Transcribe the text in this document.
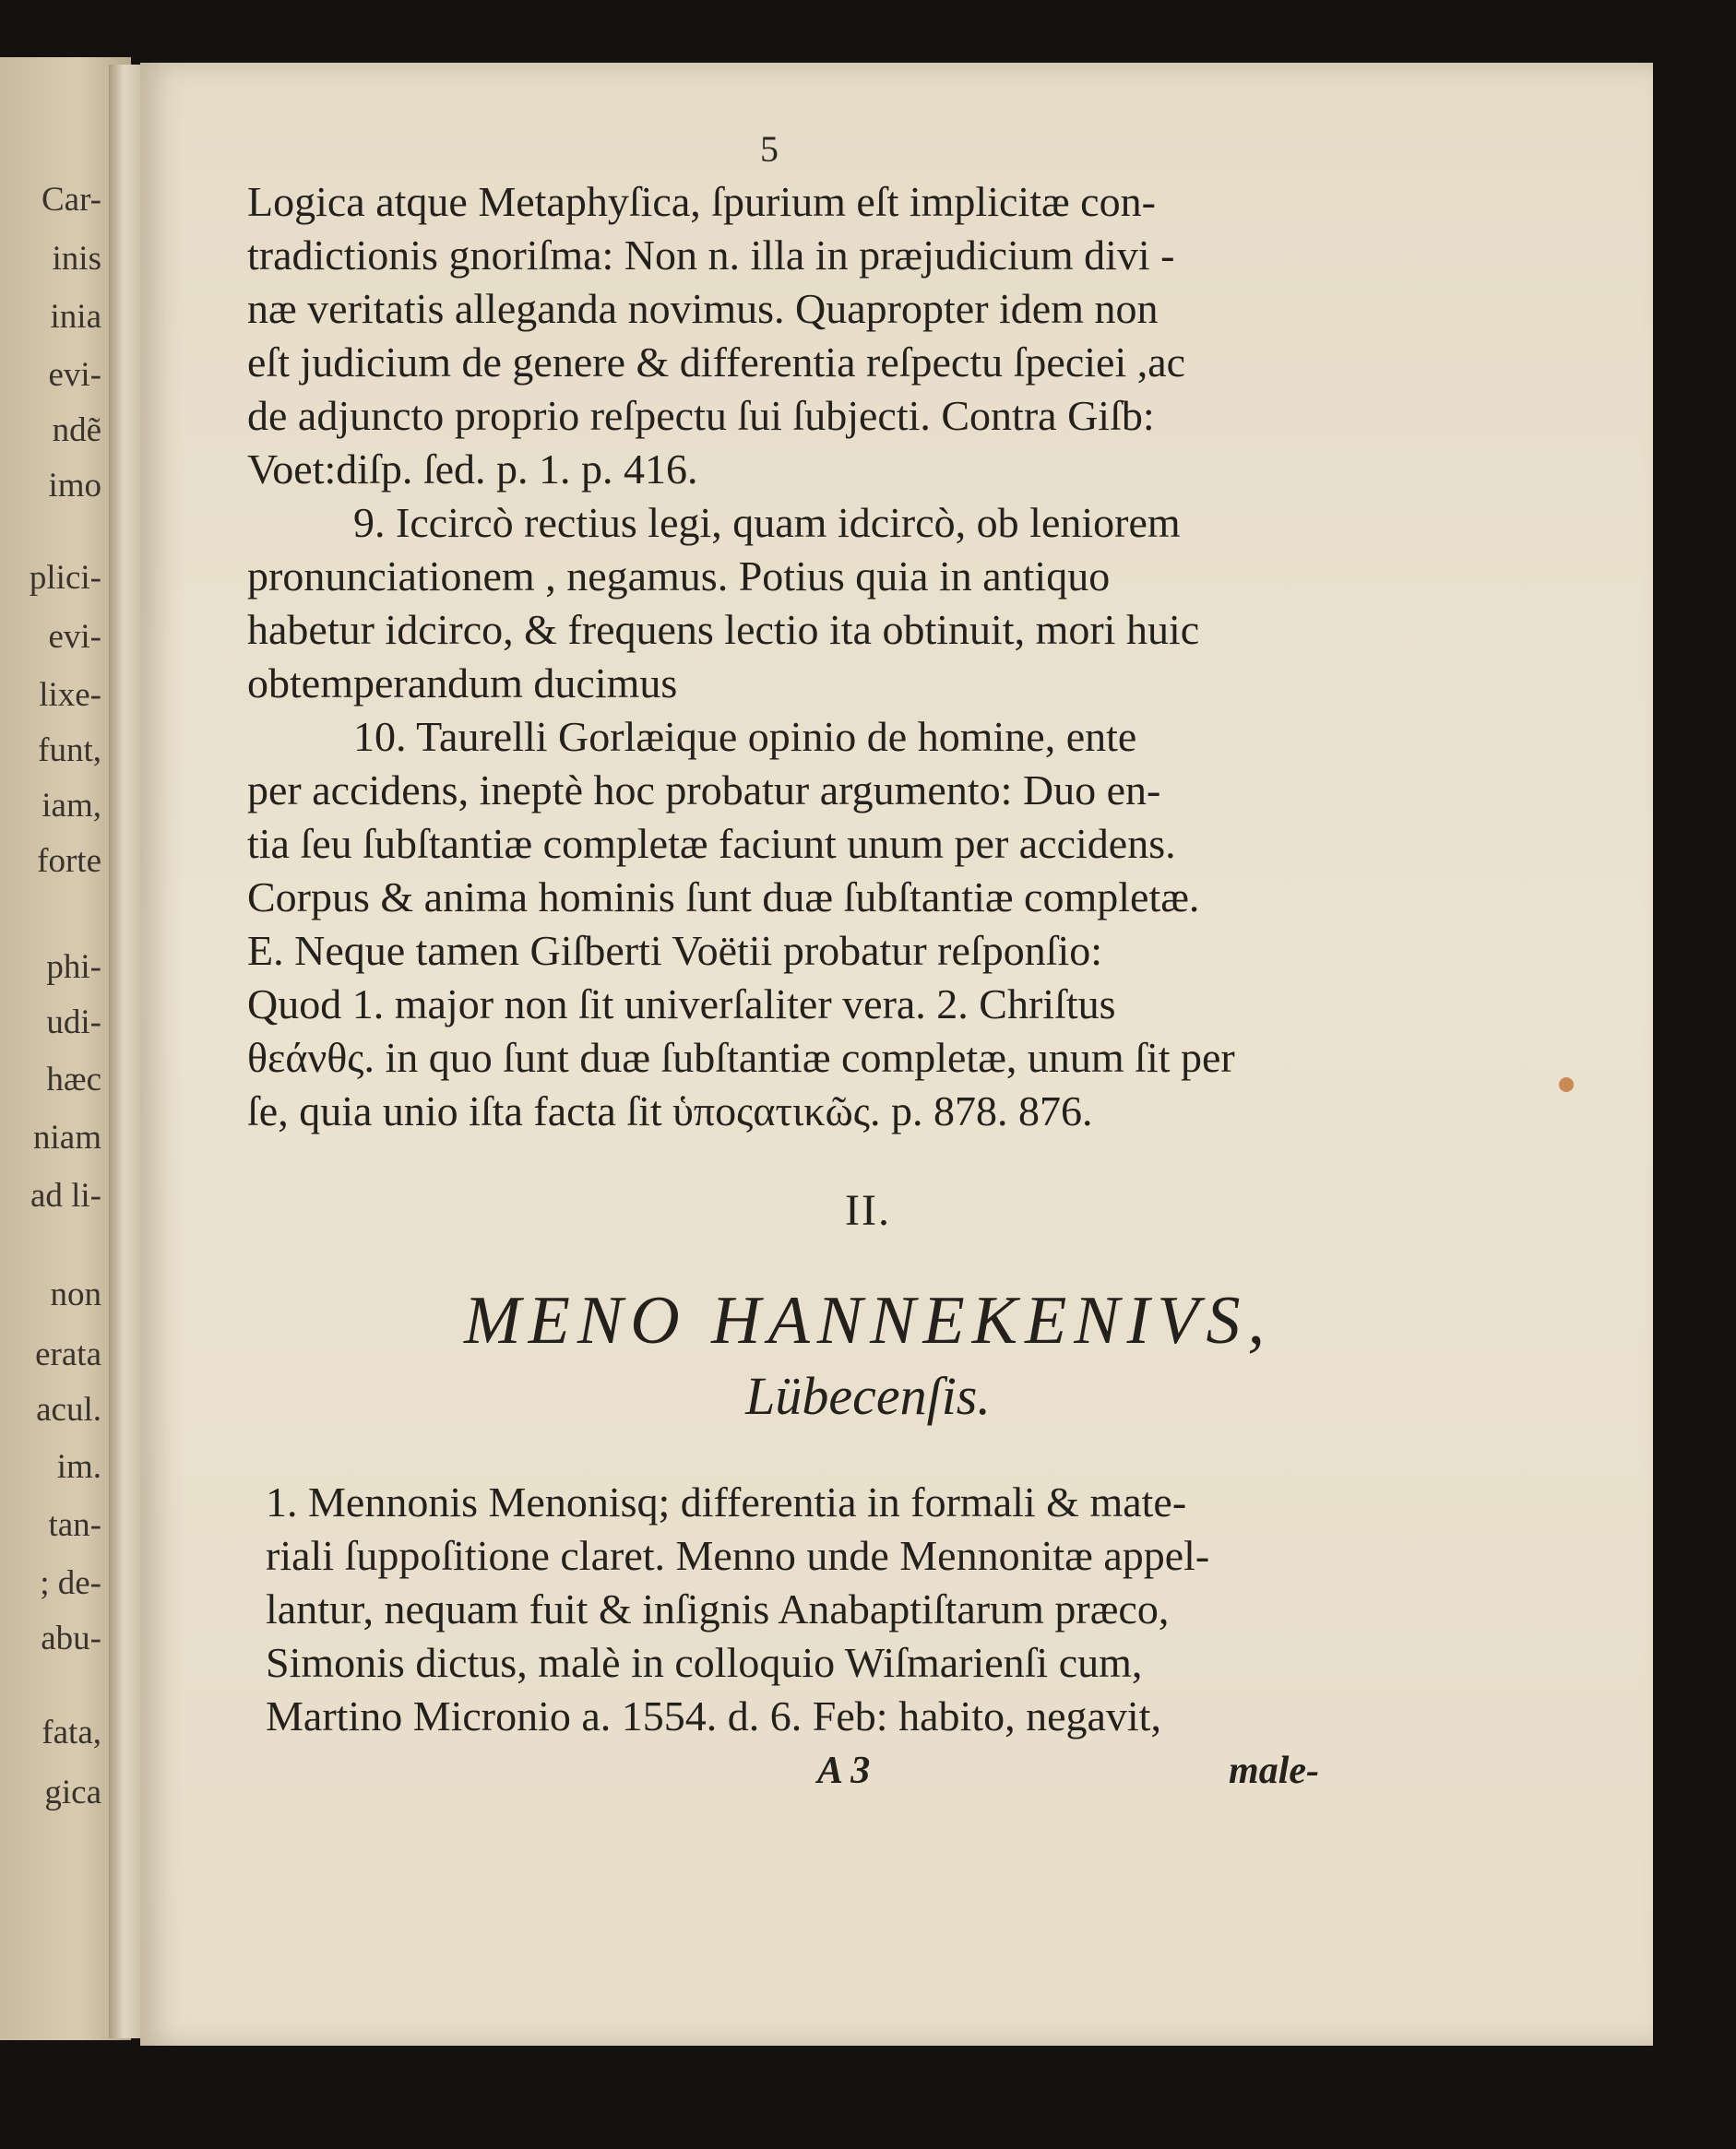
Car-
inis
inia
evi-
ndẽ
imo
plici-
evi-
lixe-
funt,
iam,
forte
phi-
udi-
hæc
niam
ad li-
non
erata
acul.
im.
tan-
; de-
abu-
fata,
gica
5
Logica atque Metaphyſica, ſpurium eſt implicitæ con-
tradictionis gnoriſma: Non n. illa in præjudicium divi -
næ veritatis alleganda novimus. Quapropter idem non
eſt judicium de genere & differentia reſpectu ſpeciei ,ac
de adjuncto proprio reſpectu ſui ſubjecti. Contra Giſb:
Voet:diſp. ſed. p. 1. p. 416.
9. Iccircò rectius legi, quam idcircò, ob leniorem
pronunciationem , negamus. Potius quia in antiquo
habetur idcirco, & frequens lectio ita obtinuit, mori huic
obtemperandum ducimus
10. Taurelli Gorlæique opinio de homine, ente
per accidens, ineptè hoc probatur argumento: Duo en-
tia ſeu ſubſtantiæ completæ faciunt unum per accidens.
Corpus & anima hominis ſunt duæ ſubſtantiæ completæ.
E. Neque tamen Giſberti Voëtii probatur reſponſio:
Quod 1. major non ſit univerſaliter vera. 2. Chriſtus
θεάνθς. in quo ſunt duæ ſubſtantiæ completæ, unum ſit per
ſe, quia unio iſta facta ſit ὑποςατικῶς. p. 878. 876.
II.
MENO HANNEKENIVS,
Lübecenſis.
1. Mennonis Menonisq; differentia in formali & mate-
riali ſuppoſitione claret. Menno unde Mennonitæ appel-
lantur, nequam fuit & inſignis Anabaptiſtarum præco,
Simonis dictus, malè in colloquio Wiſmarienſi cum,
Martino Micronio a. 1554. d. 6. Feb: habito, negavit,
A 3	male-
